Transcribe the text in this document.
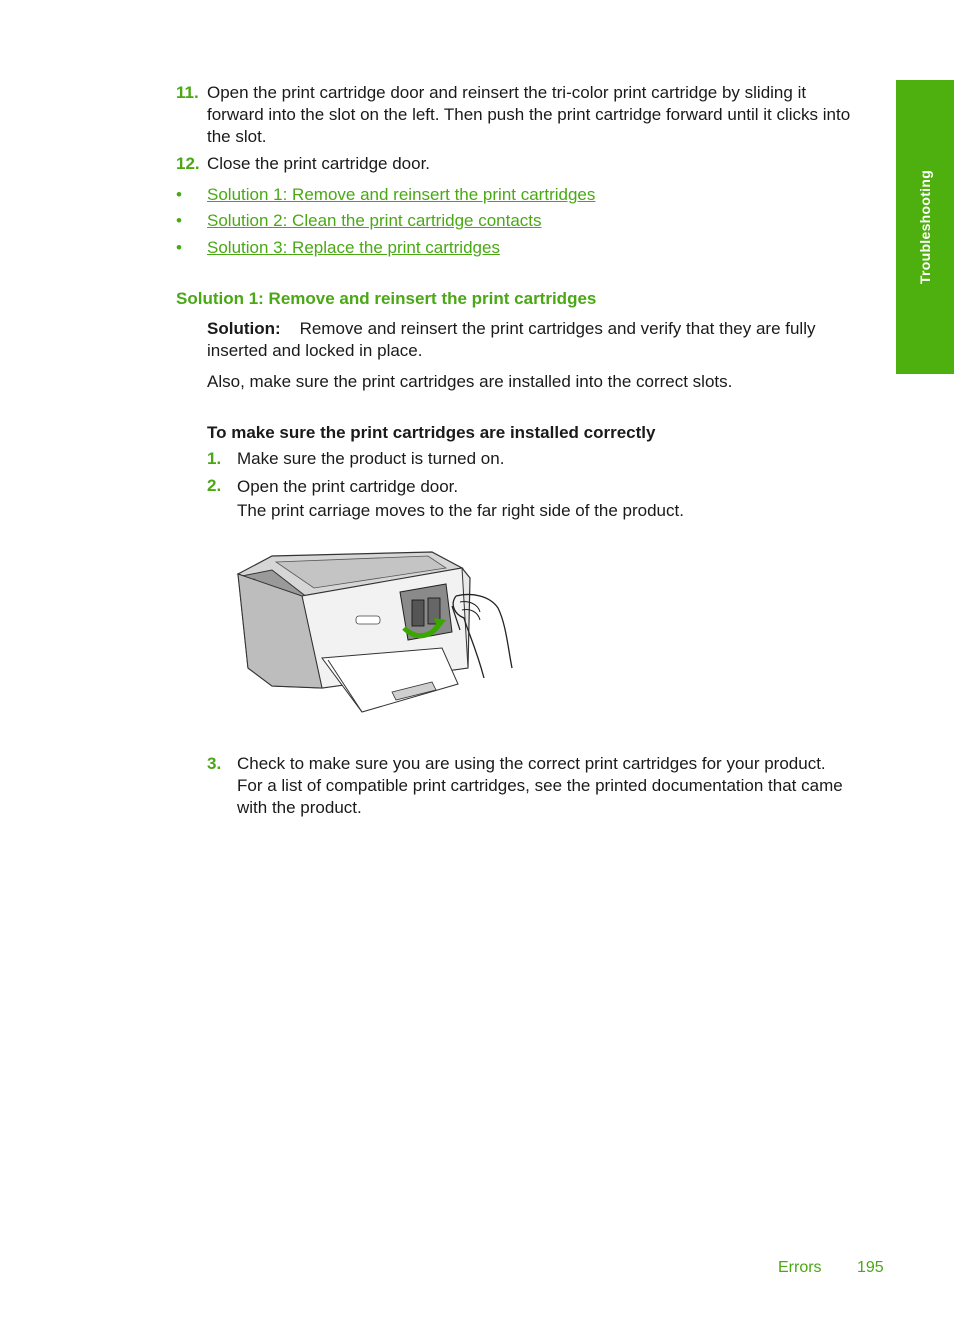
Troubleshooting
11. Open the print cartridge door and reinsert the tri-color print cartridge by sliding it
forward into the slot on the left. Then push the print cartridge forward until it clicks into
the slot.
12. Close the print cartridge door.
• Solution 1: Remove and reinsert the print cartridges
• Solution 2: Clean the print cartridge contacts
• Solution 3: Replace the print cartridges
Solution 1: Remove and reinsert the print cartridges
Solution: Remove and reinsert the print cartridges and verify that they are fully
inserted and locked in place.
Also, make sure the print cartridges are installed into the correct slots.
To make sure the print cartridges are installed correctly
1. Make sure the product is turned on.
2. Open the print cartridge door.
The print carriage moves to the far right side of the product.
3. Check to make sure you are using the correct print cartridges for your product.
For a list of compatible print cartridges, see the printed documentation that came
with the product.
Errors 195
